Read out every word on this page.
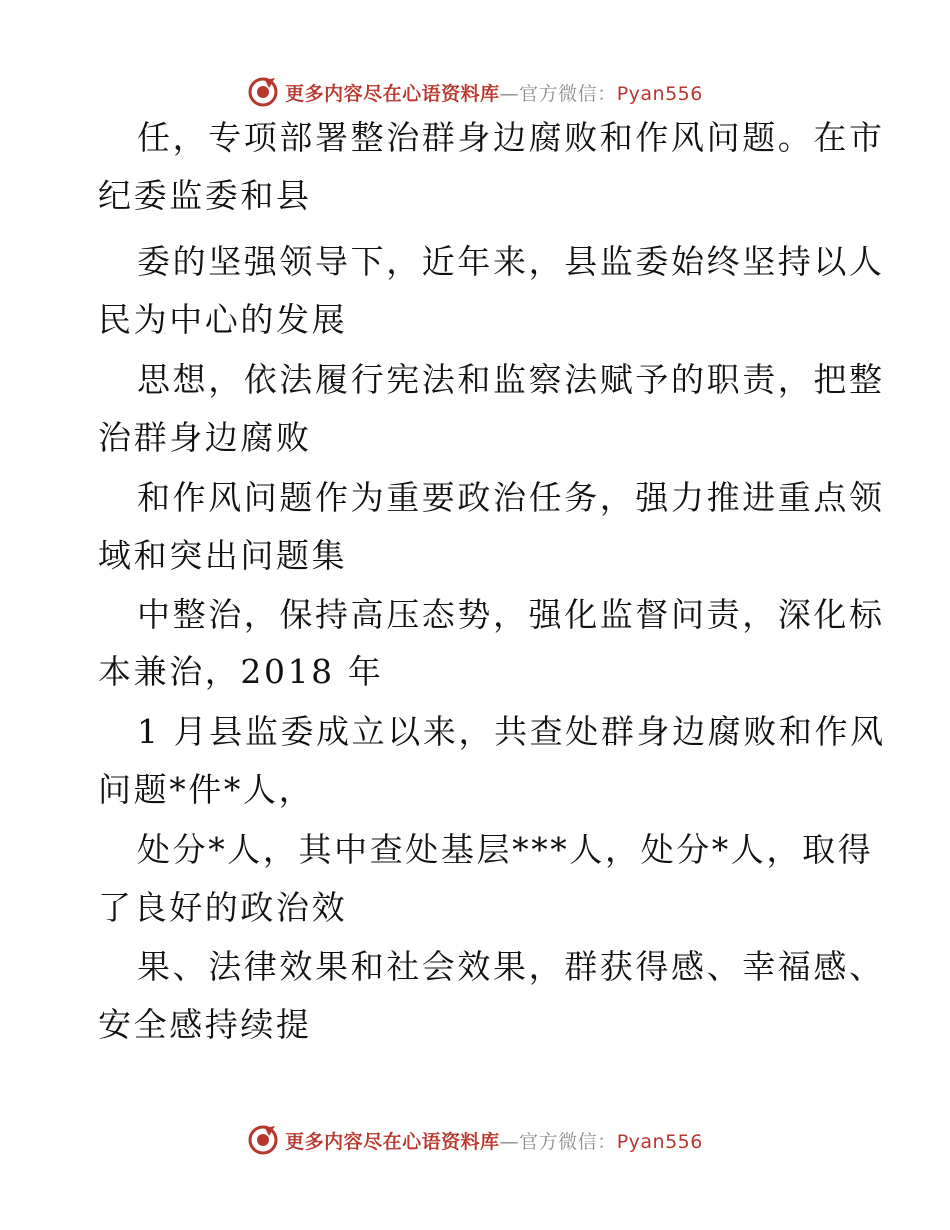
更多内容尽在心语资料库—官方微信：Pyan556
任，专项部署整治群身边腐败和作风问题。在市
纪委监委和县
委的坚强领导下，近年来，县监委始终坚持以人
民为中心的发展
思想，依法履行宪法和监察法赋予的职责，把整
治群身边腐败
和作风问题作为重要政治任务，强力推进重点领
域和突出问题集
中整治，保持高压态势，强化监督问责，深化标
本兼治，2018 年
1 月县监委成立以来，共查处群身边腐败和作风
问题*件*人，
处分*人，其中查处基层***人，处分*人，取得
了良好的政治效
果、法律效果和社会效果，群获得感、幸福感、
安全感持续提
更多内容尽在心语资料库—官方微信：Pyan556
